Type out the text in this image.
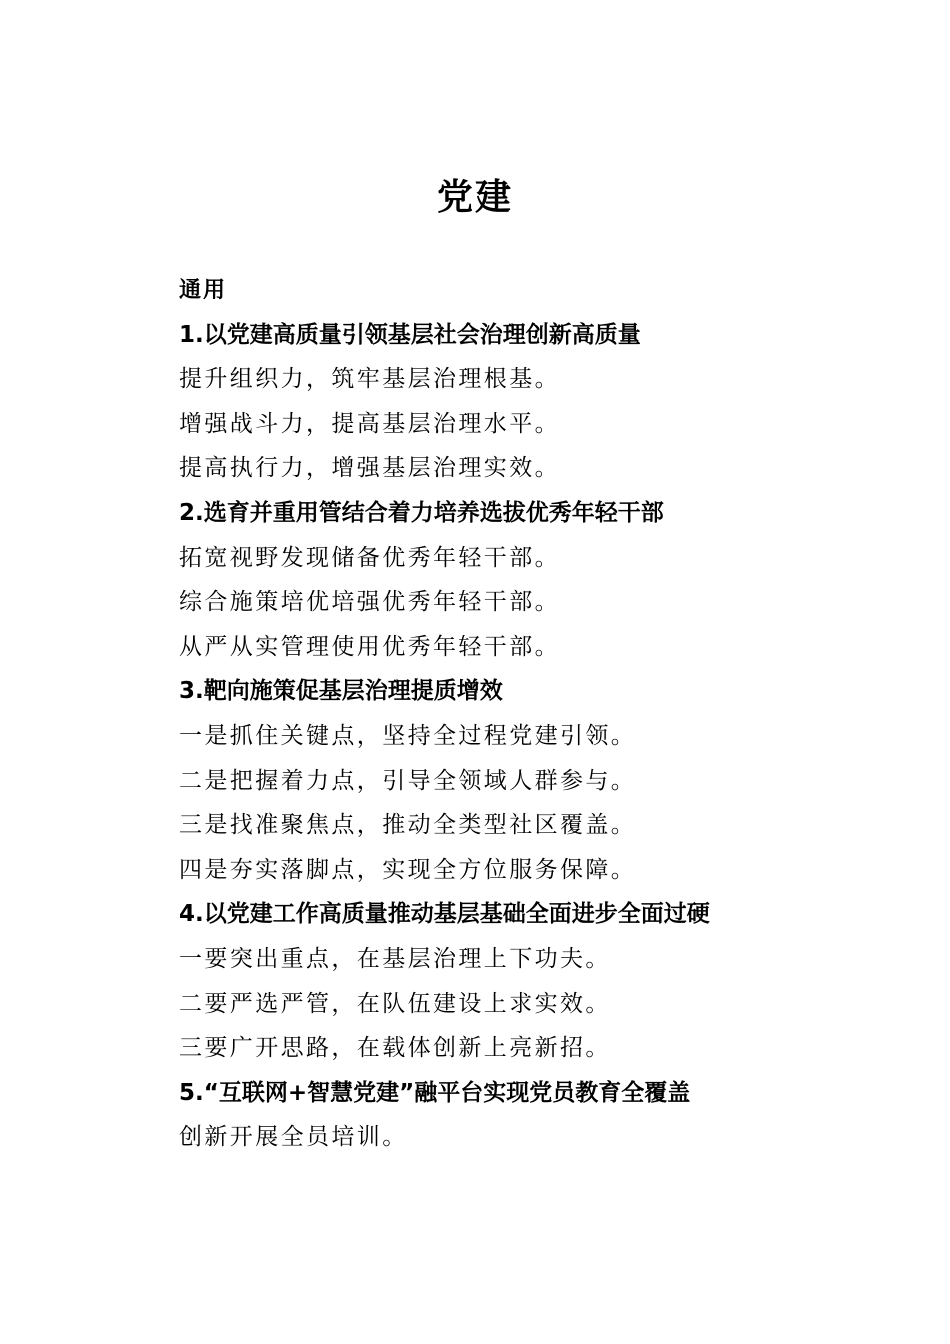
党建
通用
1.以党建高质量引领基层社会治理创新高质量
提升组织力，筑牢基层治理根基。
增强战斗力，提高基层治理水平。
提高执行力，增强基层治理实效。
2.选育并重用管结合着力培养选拔优秀年轻干部
拓宽视野发现储备优秀年轻干部。
综合施策培优培强优秀年轻干部。
从严从实管理使用优秀年轻干部。
3.靶向施策促基层治理提质增效
一是抓住关键点，坚持全过程党建引领。
二是把握着力点，引导全领域人群参与。
三是找准聚焦点，推动全类型社区覆盖。
四是夯实落脚点，实现全方位服务保障。
4.以党建工作高质量推动基层基础全面进步全面过硬
一要突出重点，在基层治理上下功夫。
二要严选严管，在队伍建设上求实效。
三要广开思路，在载体创新上亮新招。
5.“互联网+智慧党建”融平台实现党员教育全覆盖
创新开展全员培训。
